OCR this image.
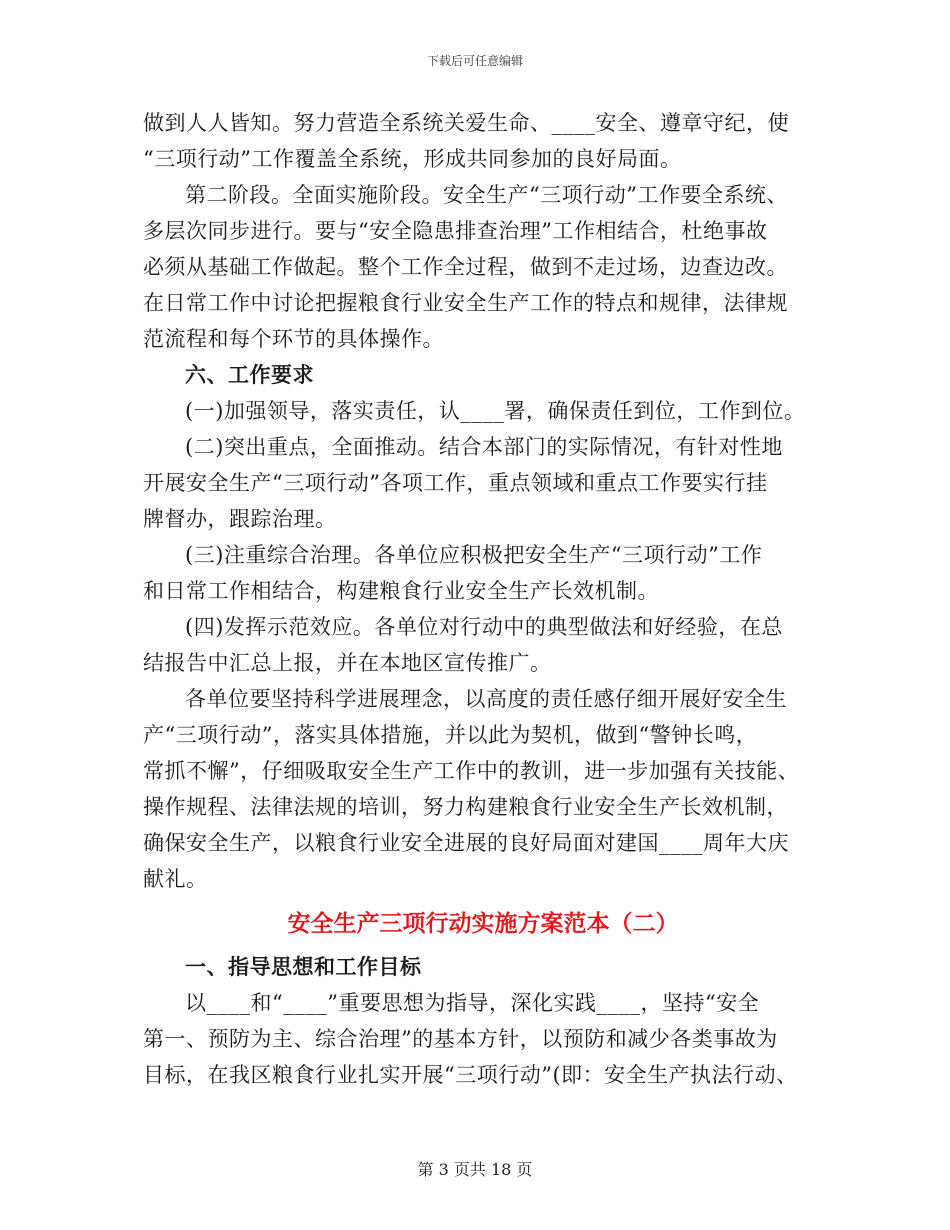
下载后可任意编辑
做到人人皆知。努力营造全系统关爱生命、____安全、遵章守纪，使
“三项行动”工作覆盖全系统，形成共同参加的良好局面。
第二阶段。全面实施阶段。安全生产“三项行动”工作要全系统、
多层次同步进行。要与“安全隐患排查治理”工作相结合，杜绝事故
必须从基础工作做起。整个工作全过程，做到不走过场，边查边改。
在日常工作中讨论把握粮食行业安全生产工作的特点和规律，法律规
范流程和每个环节的具体操作。
六、工作要求
(一)加强领导，落实责任，认____署，确保责任到位，工作到位。
(二)突出重点，全面推动。结合本部门的实际情况，有针对性地
开展安全生产“三项行动”各项工作，重点领域和重点工作要实行挂
牌督办，跟踪治理。
(三)注重综合治理。各单位应积极把安全生产“三项行动”工作
和日常工作相结合，构建粮食行业安全生产长效机制。
(四)发挥示范效应。各单位对行动中的典型做法和好经验，在总
结报告中汇总上报，并在本地区宣传推广。
各单位要坚持科学进展理念，以高度的责任感仔细开展好安全生
产“三项行动”，落实具体措施，并以此为契机，做到“警钟长鸣，
常抓不懈”，仔细吸取安全生产工作中的教训，进一步加强有关技能、
操作规程、法律法规的培训，努力构建粮食行业安全生产长效机制，
确保安全生产，以粮食行业安全进展的良好局面对建国____周年大庆
献礼。
安全生产三项行动实施方案范本（二）
一、指导思想和工作目标
以____和“____”重要思想为指导，深化实践____，坚持“安全
第一、预防为主、综合治理”的基本方针，以预防和减少各类事故为
目标，在我区粮食行业扎实开展“三项行动”(即：安全生产执法行动、
第 3 页共 18 页
